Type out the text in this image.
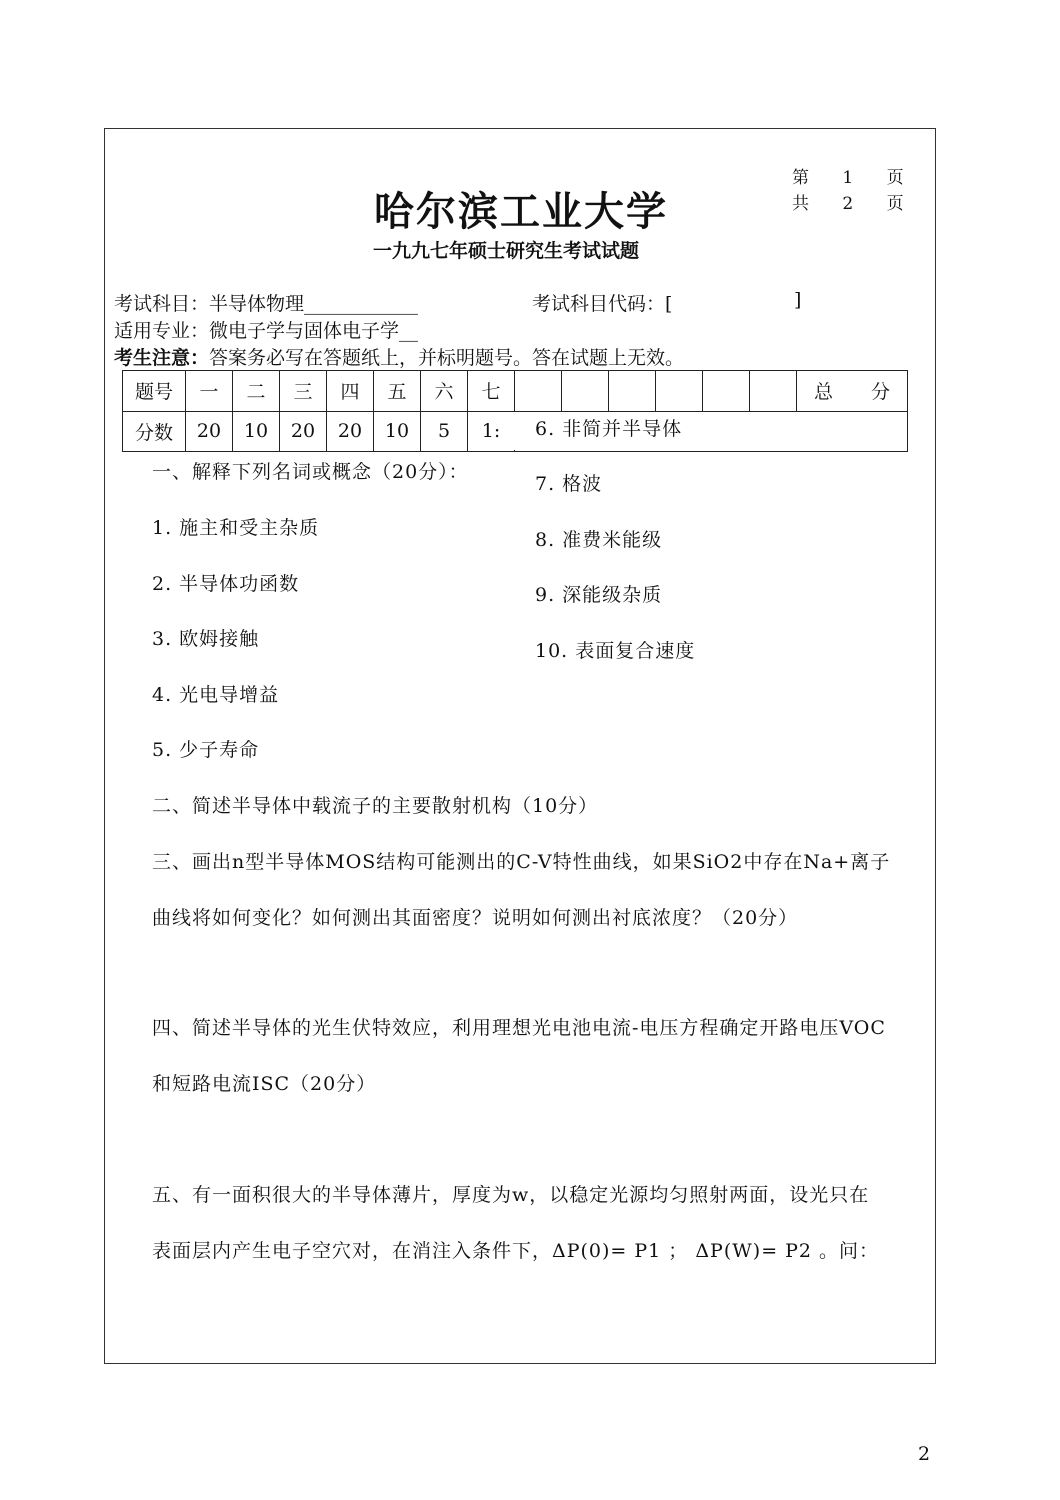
第 1 页
共 2 页
哈尔滨工业大学
一九九七年硕士研究生考试试题
考试科目：半导体物理____________	考试科目代码：[	]
适用专业：微电子学与固体电子学__
考生注意：答案务必写在答题纸上，并标明题号。答在试题上无效。
题号	一	二	三	四	五	六	七							总　　分
分数	20	10	20	20	10	5	1:							
一、解释下列名词或概念（20分）：
1. 施主和受主杂质
2. 半导体功函数
3. 欧姆接触
4. 光电导增益
5. 少子寿命
6. 非简并半导体
7. 格波
8. 准费米能级
9. 深能级杂质
10. 表面复合速度
二、简述半导体中载流子的主要散射机构（10分）
三、画出n型半导体MOS结构可能测出的C-V特性曲线，如果SiO2中存在Na+离子
曲线将如何变化？如何测出其面密度？说明如何测出衬底浓度？（20分）
四、简述半导体的光生伏特效应，利用理想光电池电流-电压方程确定开路电压VOC
和短路电流ISC（20分）
五、有一面积很大的半导体薄片，厚度为w，以稳定光源均匀照射两面，设光只在
表面层内产生电子空穴对，在消注入条件下，ΔP(0)= P1 ； ΔP(W)= P2 。问：
2
